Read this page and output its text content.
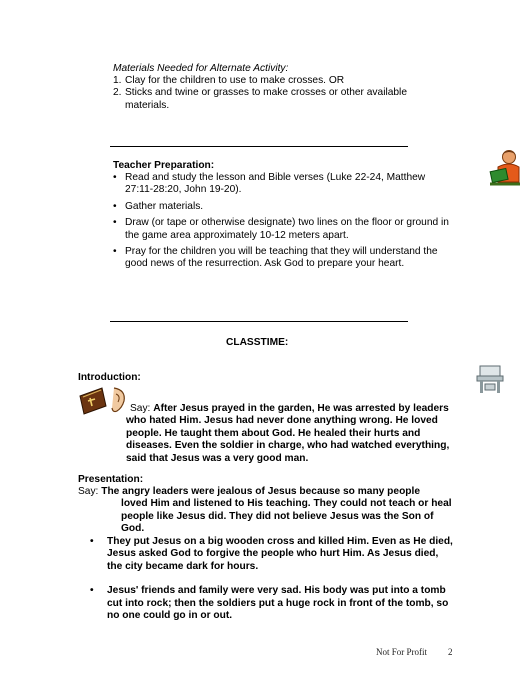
Materials Needed for Alternate Activity:
1. Clay for the children to use to make crosses. OR
2. Sticks and twine or grasses to make crosses or other available materials.
Teacher Preparation:
• Read and study the lesson and Bible verses (Luke 22-24, Matthew 27:11-28:20, John 19-20).
• Gather materials.
• Draw (or tape or otherwise designate) two lines on the floor or ground in the game area approximately 10-12 meters apart.
• Pray for the children you will be teaching that they will understand the good news of the resurrection. Ask God to prepare your heart.
CLASSTIME:
Introduction:
Say: After Jesus prayed in the garden, He was arrested by leaders who hated Him. Jesus had never done anything wrong. He loved people. He taught them about God. He healed their hurts and diseases. Even the soldier in charge, who had watched everything, said that Jesus was a very good man.
Presentation:
Say: The angry leaders were jealous of Jesus because so many people
loved Him and listened to His teaching. They could not teach or heal people like Jesus did. They did not believe Jesus was the Son of God.
• They put Jesus on a big wooden cross and killed Him. Even as He died, Jesus asked God to forgive the people who hurt Him. As Jesus died, the city became dark for hours.
• Jesus' friends and family were very sad. His body was put into a tomb cut into rock; then the soldiers put a huge rock in front of the tomb, so no one could go in or out.
Not For Profit 2
